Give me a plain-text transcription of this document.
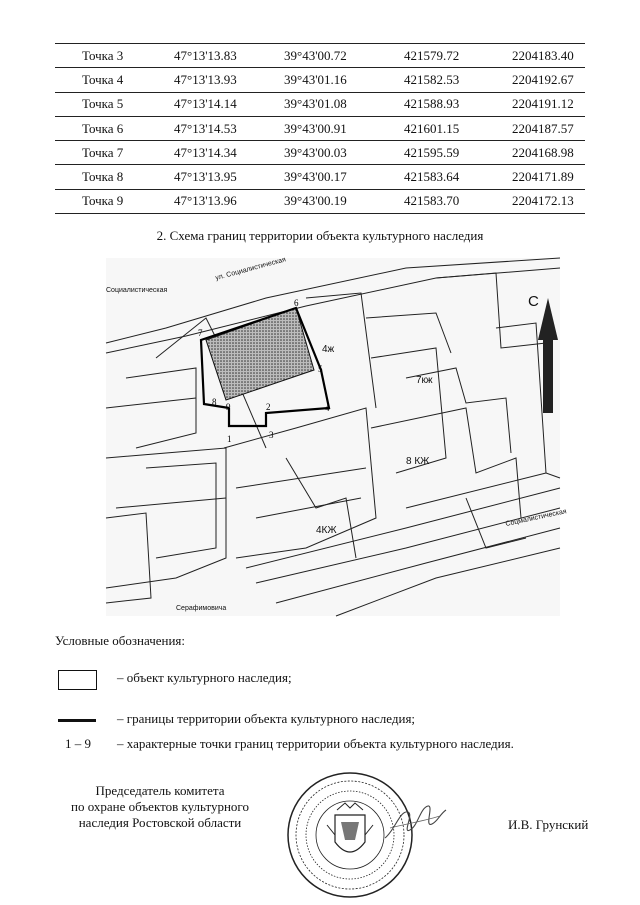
Точка 3	47°13'13.83	39°43'00.72	421579.72	2204183.40
Точка 4	47°13'13.93	39°43'01.16	421582.53	2204192.67
Точка 5	47°13'14.14	39°43'01.08	421588.93	2204191.12
Точка 6	47°13'14.53	39°43'00.91	421601.15	2204187.57
Точка 7	47°13'14.34	39°43'00.03	421595.59	2204168.98
Точка 8	47°13'13.95	39°43'00.17	421583.64	2204171.89
Точка 9	47°13'13.96	39°43'00.19	421583.70	2204172.13
2. Схема границ территории объекта культурного наследия
С
1
2
3
4
5
6
7
8 9
7кж
8 КЖ
4КЖ
4ж
ул. Социалистическая
Социалистическая
Серафимовича
Соцмалистическая
Условные обозначения:
– объект культурного наследия;
– границы территории объекта культурного наследия;
1 – 9	– характерные точки границ территории объекта культурного наследия.
Председатель комитета
по охране объектов культурного
наследия Ростовской области	И.В. Грунский
